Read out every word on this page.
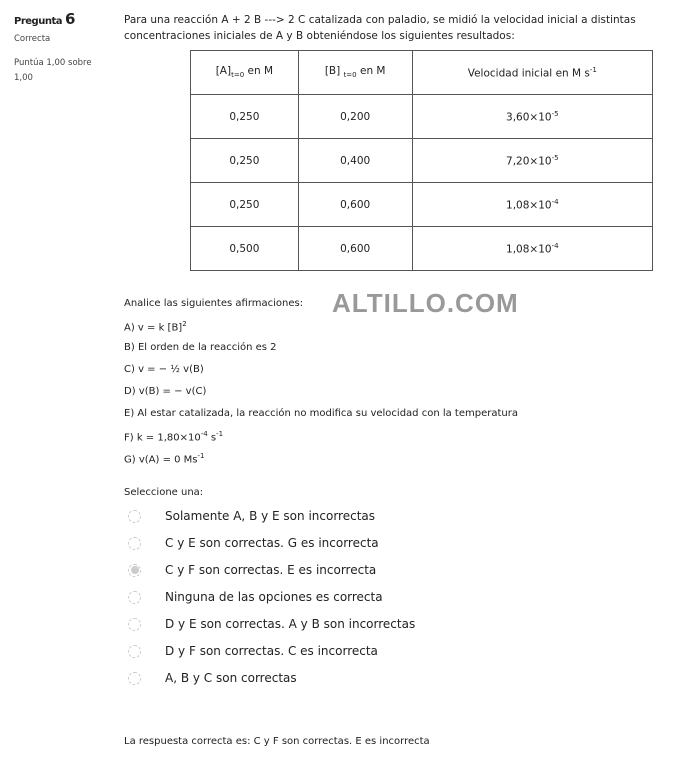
Pregunta 6
Correcta
Puntúa 1,00 sobre 1,00
Para una reacción A + 2 B ---> 2 C catalizada con paladio, se midió la velocidad inicial a distintas concentraciones iniciales de A y B obteniéndose los siguientes resultados:
$[A]_{t=0}$ en M	[B] $_{t=0}$ en M	Velocidad inicial en M $s^{-1}$
0,250	0,200	$3,60\times 10^{-5}$
0,250	0,400	$7,20\times 10^{-5}$
0,250	0,600	$1,08\times 10^{-4}$
0,500	0,600	$1,08\times 10^{-4}$
ALTILLO.COM
Analice las siguientes afirmaciones:
A) v = k $[B]^2$
B) El orden de la reacción es 2
C) v = − ½ v(B)
D) v(B) = − v(C)
E) Al estar catalizada, la reacción no modifica su velocidad con la temperatura
F) $k = 1,80\times 10^{-4}$ $s^{-1}$
G) v(A) = 0 $Ms^{-1}$
Seleccione una:
Solamente A, B y E son incorrectas
C y E son correctas. G es incorrecta
C y F son correctas. E es incorrecta
Ninguna de las opciones es correcta
D y E son correctas. A y B son incorrectas
D y F son correctas. C es incorrecta
A, B y C son correctas
La respuesta correcta es: C y F son correctas. E es incorrecta
